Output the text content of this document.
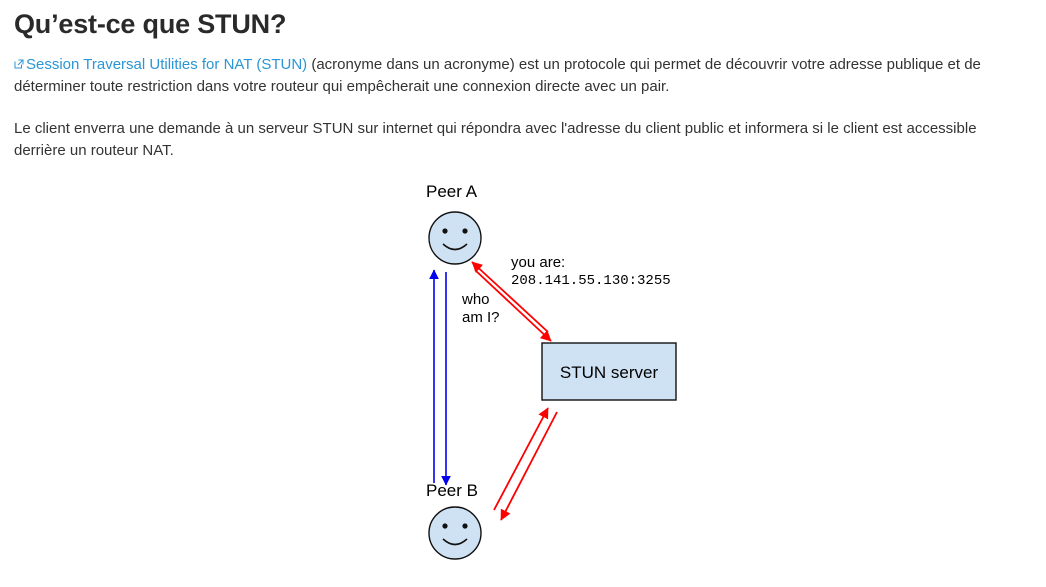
Qu’est-ce que STUN?

Session Traversal Utilities for NAT (STUN) (acronyme dans un acronyme) est un protocole qui permet de découvrir votre adresse publique et de déterminer toute restriction dans votre routeur qui empêcherait une connexion directe avec un pair.

Le client enverra une demande à un serveur STUN sur internet qui répondra avec l'adresse du client public et informera si le client est accessible derrière un routeur NAT.

Peer A
STUN server
who
am I?
you are:
208.141.55.130:3255
Peer B
